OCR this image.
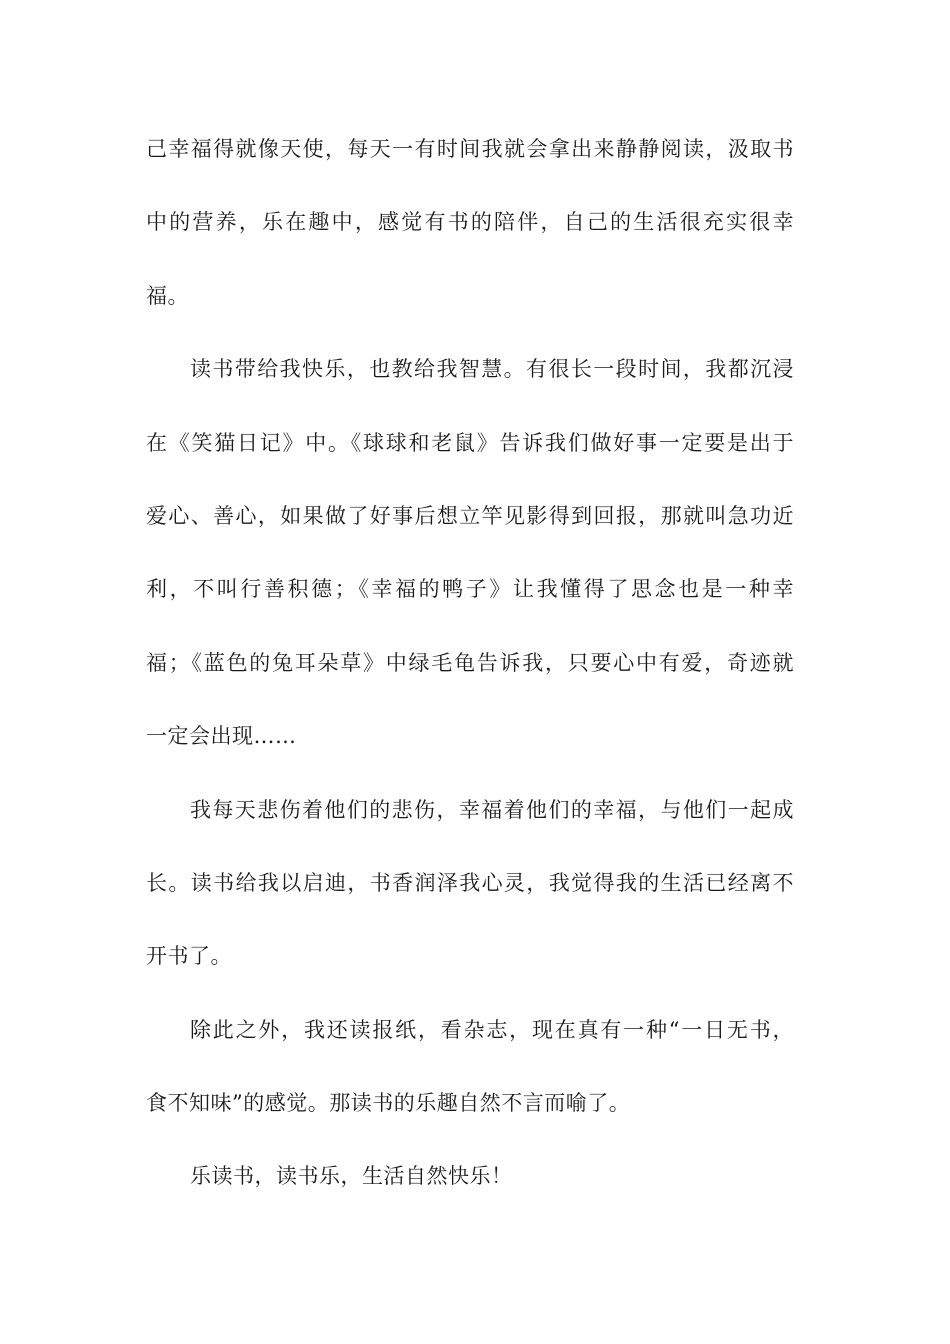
己幸福得就像天使，每天一有时间我就会拿出来静静阅读，汲取书
中的营养，乐在趣中，感觉有书的陪伴，自己的生活很充实很幸
福。
读书带给我快乐，也教给我智慧。有很长一段时间，我都沉浸
在《笑猫日记》中。《球球和老鼠》告诉我们做好事一定要是出于
爱心、善心，如果做了好事后想立竿见影得到回报，那就叫急功近
利，不叫行善积德；《幸福的鸭子》让我懂得了思念也是一种幸
福；《蓝色的兔耳朵草》中绿毛龟告诉我，只要心中有爱，奇迹就
一定会出现……
我每天悲伤着他们的悲伤，幸福着他们的幸福，与他们一起成
长。读书给我以启迪，书香润泽我心灵，我觉得我的生活已经离不
开书了。
除此之外，我还读报纸，看杂志，现在真有一种“一日无书，
食不知味”的感觉。那读书的乐趣自然不言而喻了。
乐读书，读书乐，生活自然快乐！
